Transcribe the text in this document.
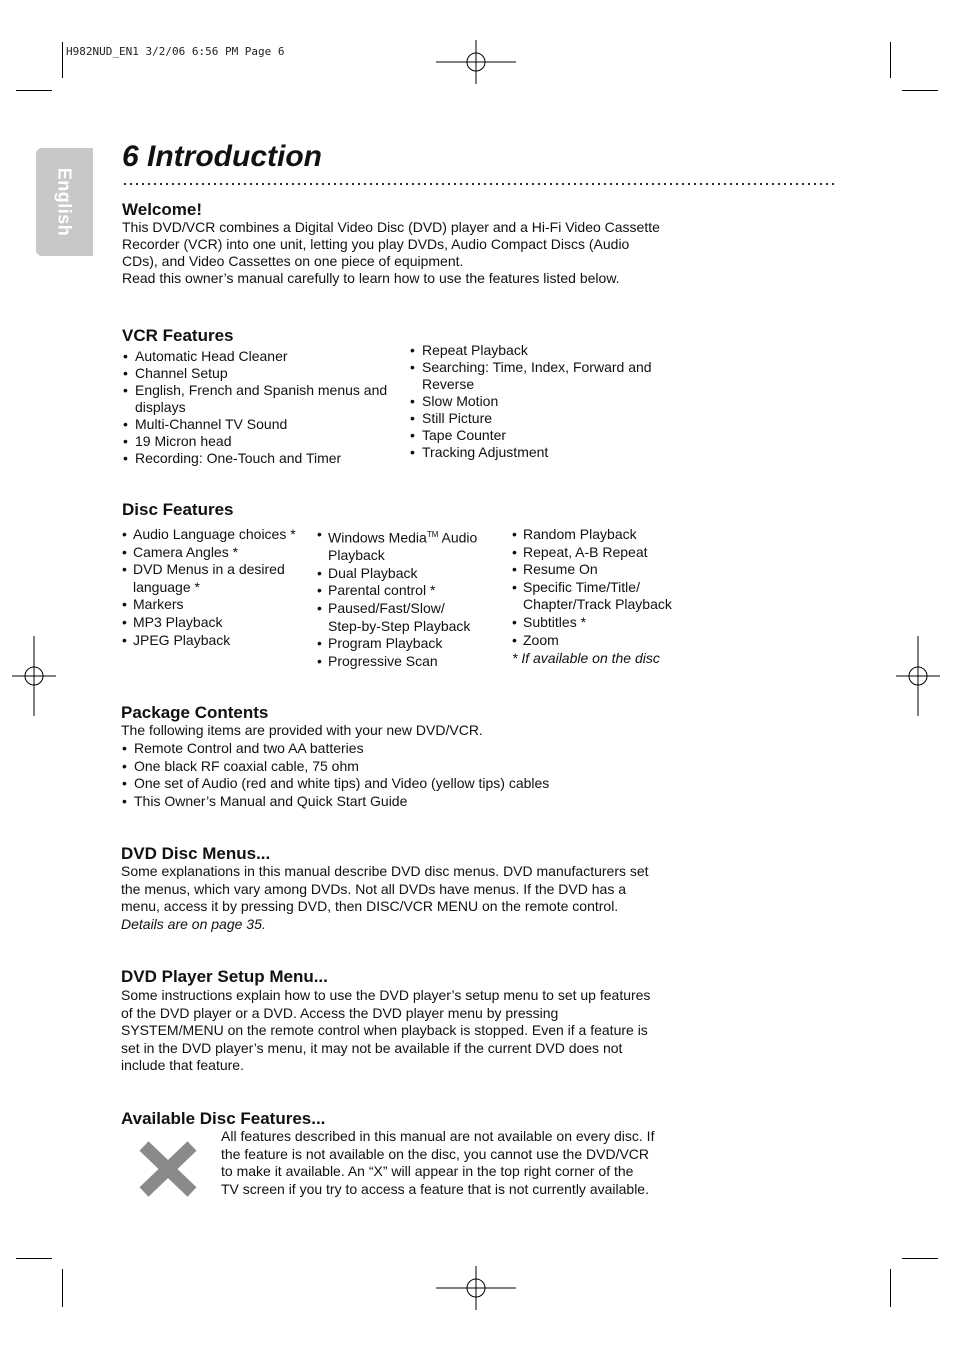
H982NUD_EN1 3/2/06 6:56 PM Page 6
English
6 Introduction
Welcome!

This DVD/VCR combines a Digital Video Disc (DVD) player and a Hi-Fi Video Cassette

Recorder (VCR) into one unit, letting you play DVDs, Audio Compact Discs (Audio

CDs), and Video Cassettes on one piece of equipment.

Read this owner’s manual carefully to learn how to use the features listed below.

VCR Features
• Automatic Head Cleaner
• Channel Setup
• English, French and Spanish menus and
displays
• Multi-Channel TV Sound
• 19 Micron head
• Recording: One-Touch and Timer
• Repeat Playback
• Searching: Time, Index, Forward and
Reverse
• Slow Motion
• Still Picture
• Tape Counter
• Tracking Adjustment
Disc Features
• Audio Language choices *
• Camera Angles *
• DVD Menus in a desired
language *
• Markers
• MP3 Playback
• JPEG Playback
• Windows Media™ Audio
Playback
• Dual Playback
• Parental control *
• Paused/Fast/Slow/
Step-by-Step Playback
• Program Playback
• Progressive Scan
• Random Playback
• Repeat, A-B Repeat
• Resume On
• Specific Time/Title/
Chapter/Track Playback
• Subtitles *
• Zoom

* If available on the disc

Package Contents

The following items are provided with your new DVD/VCR.

• Remote Control and two AA batteries
• One black RF coaxial cable, 75 ohm
• One set of Audio (red and white tips) and Video (yellow tips) cables
• This Owner’s Manual and Quick Start Guide
DVD Disc Menus...

Some explanations in this manual describe DVD disc menus. DVD manufacturers set

the menus, which vary among DVDs. Not all DVDs have menus. If the DVD has a

menu, access it by pressing DVD, then DISC/VCR MENU on the remote control.

Details are on page 35.

DVD Player Setup Menu...

Some instructions explain how to use the DVD player’s setup menu to set up features

of the DVD player or a DVD. Access the DVD player menu by pressing

SYSTEM/MENU on the remote control when playback is stopped. Even if a feature is

set in the DVD player’s menu, it may not be available if the current DVD does not

include that feature.

Available Disc Features...

All features described in this manual are not available on every disc. If

the feature is not available on the disc, you cannot use the DVD/VCR

to make it available. An “X” will appear in the top right corner of the

TV screen if you try to access a feature that is not currently available.
